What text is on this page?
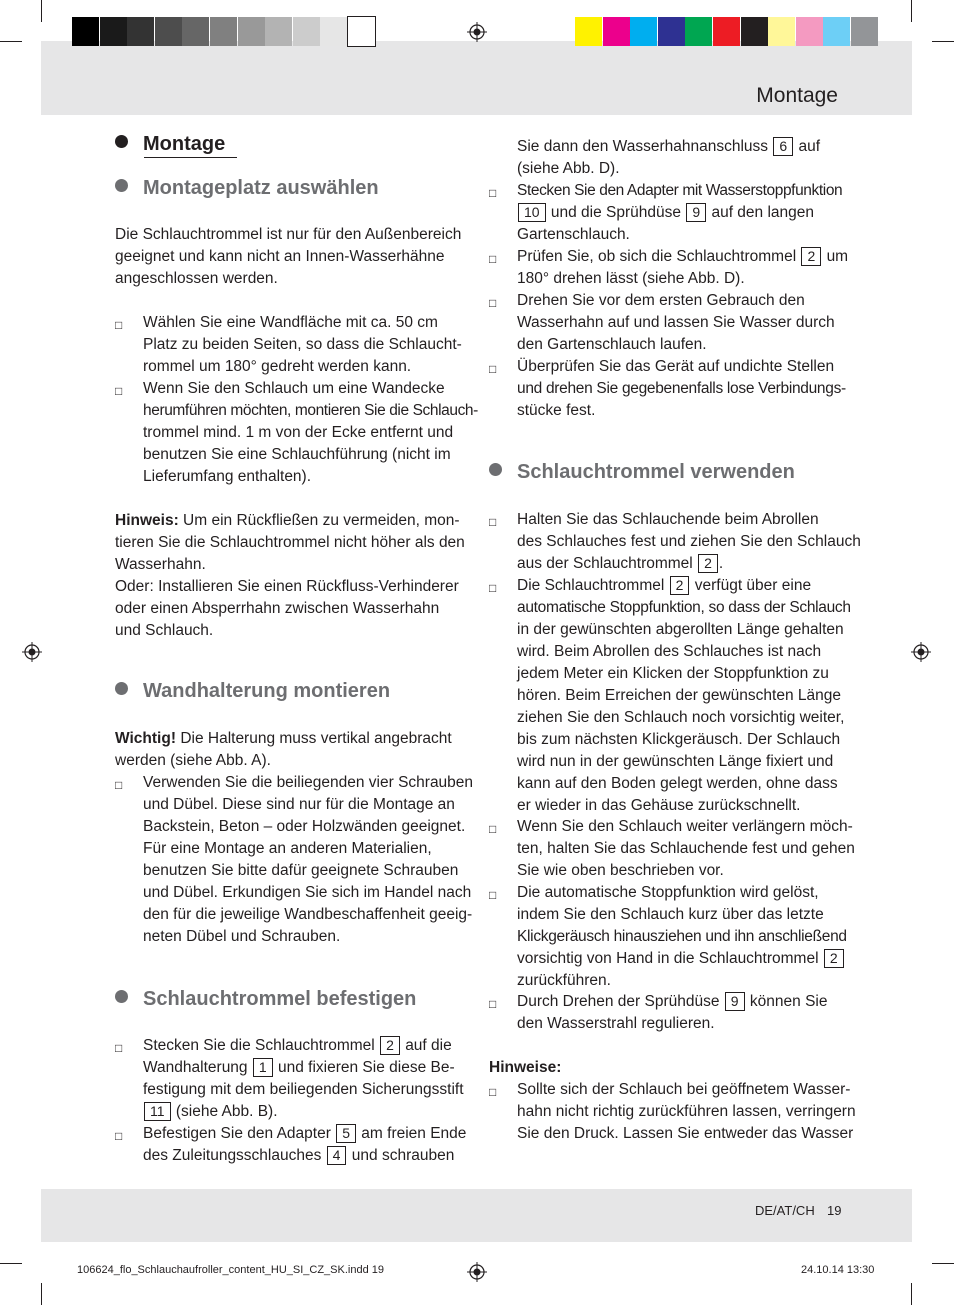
Montage
Montage
Montageplatz auswählen
Die Schlauchtrommel ist nur für den Außenbereich
geeignet und kann nicht an Innen-Wasserhähne
angeschlossen werden.
□ Wählen Sie eine Wandfläche mit ca. 50 cm
Platz zu beiden Seiten, so dass die Schlaucht-
rommel um 180° gedreht werden kann.
□ Wenn Sie den Schlauch um eine Wandecke
herumführen möchten, montieren Sie die Schlauch-
trommel mind. 1 m von der Ecke entfernt und
benutzen Sie eine Schlauchführung (nicht im
Lieferumfang enthalten).
Hinweis: Um ein Rückfließen zu vermeiden, mon-
tieren Sie die Schlauchtrommel nicht höher als den
Wasserhahn.
Oder: Installieren Sie einen Rückfluss-Verhinderer
oder einen Absperrhahn zwischen Wasserhahn
und Schlauch.
Wandhalterung montieren
Wichtig! Die Halterung muss vertikal angebracht
werden (siehe Abb. A).
□ Verwenden Sie die beiliegenden vier Schrauben
und Dübel. Diese sind nur für die Montage an
Backstein, Beton – oder Holzwänden geeignet.
Für eine Montage an anderen Materialien,
benutzen Sie bitte dafür geeignete Schrauben
und Dübel. Erkundigen Sie sich im Handel nach
den für die jeweilige Wandbeschaffenheit geeig-
neten Dübel und Schrauben.
Schlauchtrommel befestigen
□ Stecken Sie die Schlauchtrommel 2 auf die
Wandhalterung 1 und fixieren Sie diese Be-
festigung mit dem beiliegenden Sicherungsstift
11 (siehe Abb. B).
□ Befestigen Sie den Adapter 5 am freien Ende
des Zuleitungsschlauches 4 und schrauben
Sie dann den Wasserhahnanschluss 6 auf
(siehe Abb. D).
□ Stecken Sie den Adapter mit Wasserstoppfunktion
10 und die Sprühdüse 9 auf den langen
Gartenschlauch.
□ Prüfen Sie, ob sich die Schlauchtrommel 2 um
180° drehen lässt (siehe Abb. D).
□ Drehen Sie vor dem ersten Gebrauch den
Wasserhahn auf und lassen Sie Wasser durch
den Gartenschlauch laufen.
□ Überprüfen Sie das Gerät auf undichte Stellen
und drehen Sie gegebenenfalls lose Verbindungs-
stücke fest.
Schlauchtrommel verwenden
□ Halten Sie das Schlauchende beim Abrollen
des Schlauches fest und ziehen Sie den Schlauch
aus der Schlauchtrommel 2 .
□ Die Schlauchtrommel 2 verfügt über eine
automatische Stoppfunktion, so dass der Schlauch
in der gewünschten abgerollten Länge gehalten
wird. Beim Abrollen des Schlauches ist nach
jedem Meter ein Klicken der Stoppfunktion zu
hören. Beim Erreichen der gewünschten Länge
ziehen Sie den Schlauch noch vorsichtig weiter,
bis zum nächsten Klickgeräusch. Der Schlauch
wird nun in der gewünschten Länge fixiert und
kann auf den Boden gelegt werden, ohne dass
er wieder in das Gehäuse zurückschnellt.
□ Wenn Sie den Schlauch weiter verlängern möch-
ten, halten Sie das Schlauchende fest und gehen
Sie wie oben beschrieben vor.
□ Die automatische Stoppfunktion wird gelöst,
indem Sie den Schlauch kurz über das letzte
Klickgeräusch hinausziehen und ihn anschließend
vorsichtig von Hand in die Schlauchtrommel 2
zurückführen.
□ Durch Drehen der Sprühdüse 9 können Sie
den Wasserstrahl regulieren.
Hinweise:
□ Sollte sich der Schlauch bei geöffnetem Wasser-
hahn nicht richtig zurückführen lassen, verringern
Sie den Druck. Lassen Sie entweder das Wasser
DE/AT/CH 19
106624_flo_Schlauchaufroller_content_HU_SI_CZ_SK.indd 19	24.10.14 13:30
